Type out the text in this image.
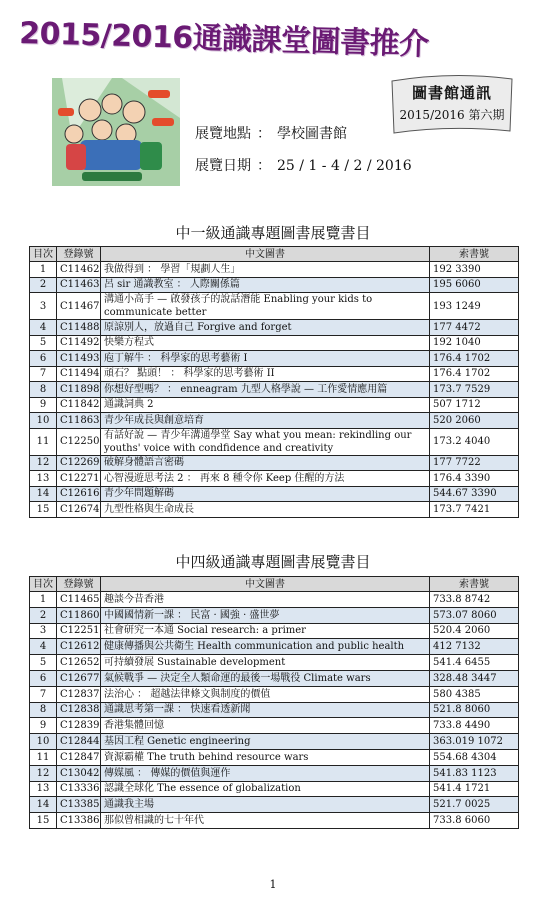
2015/2016通識課堂圖書推介
圖書館通訊
2015/2016 第六期
展覽地點 ： 學校圖書館
展覽日期 ： 25 / 1 - 4 / 2 / 2016
中一級通識專題圖書展覽書目
目次	登錄號	中文圖書	索書號
1	C11462	我做得到 ： 學習「規劃人生」	192 3390
2	C11463	呂 sir 通識教室 ： 人際關係篇	195 6060
3	C11467	溝通小高手 — 啟發孩子的說話潛能 Enabling your kids to communicate better	193 1249
4	C11488	原諒別人，放過自己 Forgive and forget	177 4472
5	C11492	快樂方程式	192 1040
6	C11493	庖丁解牛 ： 科學家的思考藝術 I	176.4 1702
7	C11494	頑石？ 點頭！ ： 科學家的思考藝術 II	176.4 1702
8	C11898	你想好型嗎？ ： enneagram 九型人格學說 — 工作愛情應用篇	173.7 7529
9	C11842	通識詞典 2	507 1712
10	C11863	青少年成長與創意培育	520 2060
11	C12250	有話好說 — 青少年溝通學堂 Say what you mean: rekindling our youths' voice with condfidence and creativity	173.2 4040
12	C12269	破解身體語言密碼	177 7722
13	C12271	心智漫遊思考法 2 ： 再來 8 種令你 Keep 住醒的方法	176.4 3390
14	C12616	青少年問題解碼	544.67 3390
15	C12674	九型性格與生命成長	173.7 7421
中四級通識專題圖書展覽書目
目次	登錄號	中文圖書	索書號
1	C11465	趣談今昔香港	733.8 8742
2	C11860	中國國情新一課 ： 民富 · 國強 · 盛世夢	573.07 8060
3	C12251	社會研究一本通 Social research: a primer	520.4 2060
4	C12612	健康傳播與公共衛生 Health communication and public health	412 7132
5	C12652	可持續發展 Sustainable development	541.4 6455
6	C12677	氣候戰爭 — 決定全人類命運的最後一場戰役 Climate wars	328.48 3447
7	C12837	法治心 ： 超越法律條文與制度的價值	580 4385
8	C12838	通識思考第一課 ： 快速看透新聞	521.8 8060
9	C12839	香港集體回憶	733.8 4490
10	C12844	基因工程 Genetic engineering	363.019 1072
11	C12847	資源霸權 The truth behind resource wars	554.68 4304
12	C13042	傳媒風 ： 傳媒的價值與運作	541.83 1123
13	C13336	認識全球化 The essence of globalization	541.4 1721
14	C13385	通識我主場	521.7 0025
15	C13386	那似曾相識的七十年代	733.8 6060
1
